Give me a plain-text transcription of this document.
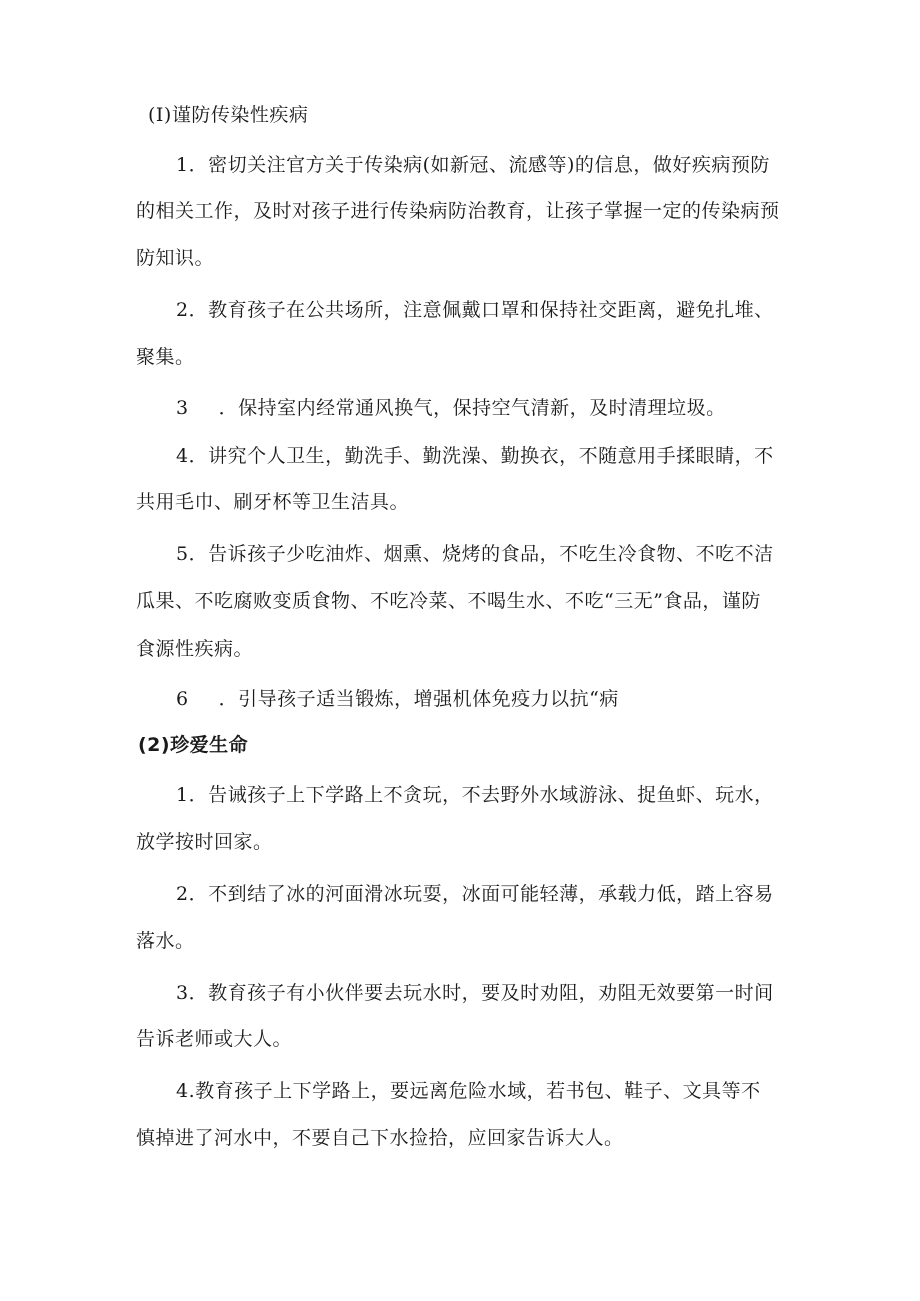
(I)谨防传染性疾病
1．密切关注官方关于传染病(如新冠、流感等)的信息，做好疾病预防
的相关工作，及时对孩子进行传染病防治教育，让孩子掌握一定的传染病预
防知识。
2．教育孩子在公共场所，注意佩戴口罩和保持社交距离，避免扎堆、
聚集。
3 ．保持室内经常通风换气，保持空气清新，及时清理垃圾。
4．讲究个人卫生，勤洗手、勤洗澡、勤换衣，不随意用手揉眼睛，不
共用毛巾、刷牙杯等卫生洁具。
5．告诉孩子少吃油炸、烟熏、烧烤的食品，不吃生冷食物、不吃不洁
瓜果、不吃腐败变质食物、不吃冷菜、不喝生水、不吃“三无”食品，谨防
食源性疾病。
6 ．引导孩子适当锻炼，增强机体免疫力以抗“病
(2)珍爱生命
1．告诫孩子上下学路上不贪玩，不去野外水域游泳、捉鱼虾、玩水，
放学按时回家。
2．不到结了冰的河面滑冰玩耍，冰面可能轻薄，承载力低，踏上容易
落水。
3．教育孩子有小伙伴要去玩水时，要及时劝阻，劝阻无效要第一时间
告诉老师或大人。
4.教育孩子上下学路上，要远离危险水域，若书包、鞋子、文具等不
慎掉进了河水中，不要自己下水捡拾，应回家告诉大人。
